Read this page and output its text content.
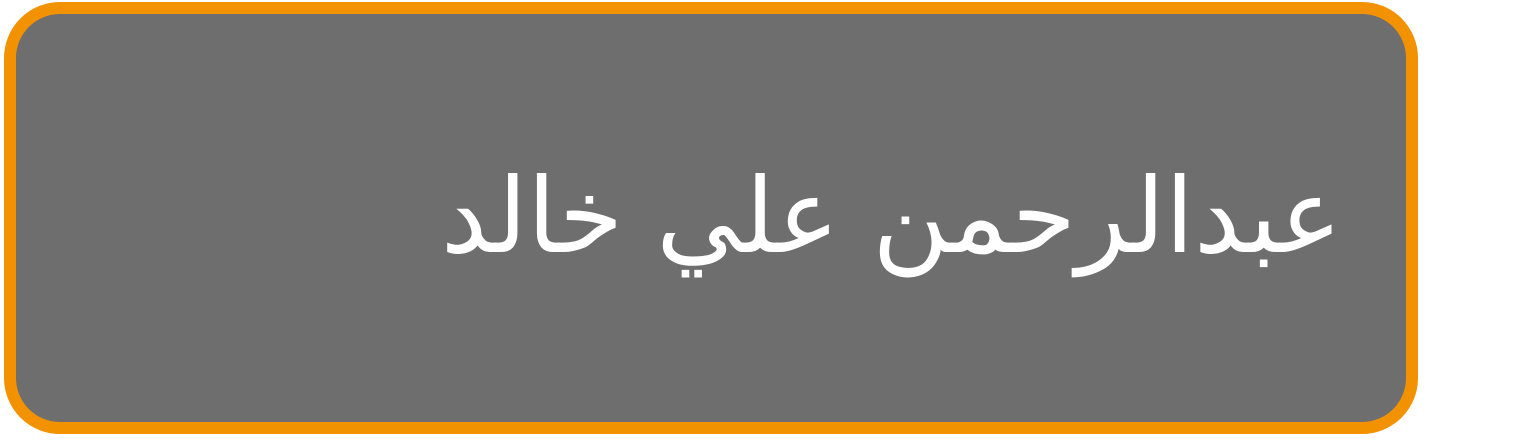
عبدالرحمن علي خالد
